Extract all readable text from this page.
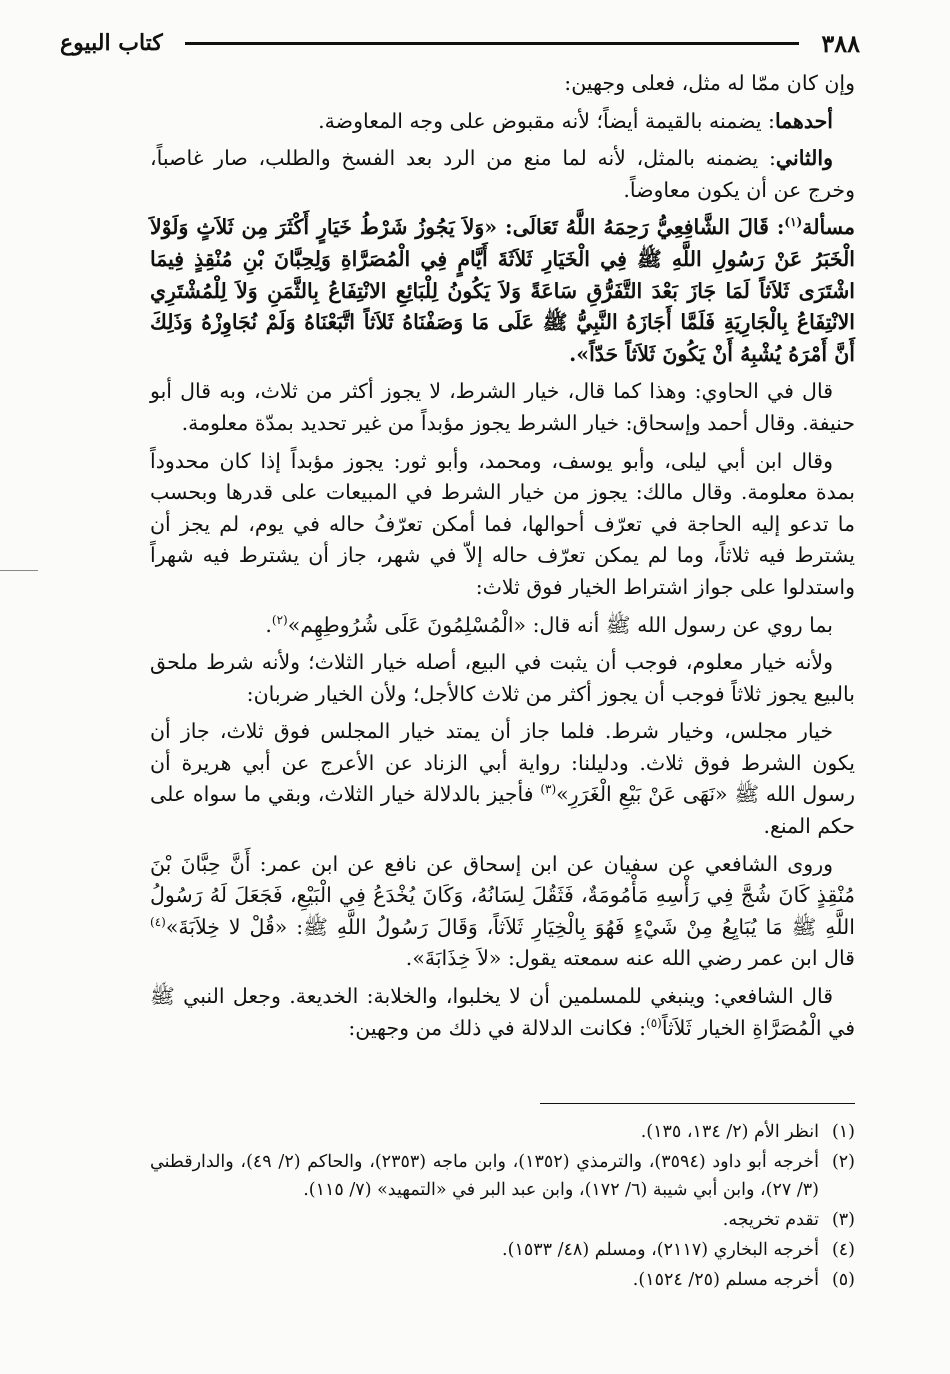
٣٨٨
كتاب البيوع

وإن كان ممّا له مثل، فعلى وجهين:

أحدهما: يضمنه بالقيمة أيضاً؛ لأنه مقبوض على وجه المعاوضة.

والثاني: يضمنه بالمثل، لأنه لما منع من الرد بعد الفسخ والطلب، صار غاصباً، وخرج عن أن يكون معاوضاً.

مسألة$^{(١)}$: قَالَ الشَّافِعِيُّ رَحِمَهُ اللَّهُ تَعَالَى: «وَلاَ يَجُوزُ شَرْطُ خَيَارٍ أَكْثَرَ مِن ثَلاَثٍ وَلَوْلاَ الْخَبَرُ عَنْ رَسُولِ اللَّهِ ﷺ فِي الْخَيَارِ ثَلاَثَةَ أَيَّامٍ فِي الْمُصَرَّاةِ وَلِحِبَّانَ بْنِ مُنْقِذٍ فِيمَا اشْتَرَى ثَلاَثاً لَمَا جَازَ بَعْدَ التَّفَرُّقِ سَاعَةً وَلاَ يَكُونُ لِلْبَائِعِ الانْتِفَاعُ بِالثَّمَنِ وَلاَ لِلْمُشْتَرِي الانْتِفَاعُ بِالْجَارِيَةِ فَلَمَّا أَجَازَهُ النَّبِيُّ ﷺ عَلَى مَا وَصَفْنَاهُ ثَلاَثاً اتَّبَعْنَاهُ وَلَمْ نُجَاوِزْهُ وَذَلِكَ أَنَّ أَمْرَهُ يُشْبِهُ أَنْ يَكُونَ ثَلاَثاً حَدّاً».

قال في الحاوي: وهذا كما قال، خيار الشرط، لا يجوز أكثر من ثلاث، وبه قال أبو حنيفة. وقال أحمد وإسحاق: خيار الشرط يجوز مؤبداً من غير تحديد بمدّة معلومة.

وقال ابن أبي ليلى، وأبو يوسف، ومحمد، وأبو ثور: يجوز مؤبداً إذا كان محدوداً بمدة معلومة. وقال مالك: يجوز من خيار الشرط في المبيعات على قدرها وبحسب ما تدعو إليه الحاجة في تعرّف أحوالها، فما أمكن تعرّفُ حاله في يوم، لم يجز أن يشترط فيه ثلاثاً، وما لم يمكن تعرّف حاله إلاّ في شهر، جاز أن يشترط فيه شهراً واستدلوا على جواز اشتراط الخيار فوق ثلاث:

بما روي عن رسول الله ﷺ أنه قال: «الْمُسْلِمُونَ عَلَى شُرُوطِهِم»$^{(٢)}$.

ولأنه خيار معلوم، فوجب أن يثبت في البيع، أصله خيار الثلاث؛ ولأنه شرط ملحق بالبيع يجوز ثلاثاً فوجب أن يجوز أكثر من ثلاث كالأجل؛ ولأن الخيار ضربان:

خيار مجلس، وخيار شرط. فلما جاز أن يمتد خيار المجلس فوق ثلاث، جاز أن يكون الشرط فوق ثلاث. ودليلنا: رواية أبي الزناد عن الأعرج عن أبي هريرة أن رسول الله ﷺ «نَهَى عَنْ بَيْعِ الْغَرَرِ»$^{(٣)}$ فأجيز بالدلالة خيار الثلاث، وبقي ما سواه على حكم المنع.

وروى الشافعي عن سفيان عن ابن إسحاق عن نافع عن ابن عمر: أَنَّ حِبَّانَ بْنَ مُنْقِذٍ كَانَ شُجَّ فِي رَأْسِهِ مَأْمُومَةٌ، فَثَقُلَ لِسَانُهُ، وَكَانَ يُخْدَعُ فِي الْبَيْعِ، فَجَعَلَ لَهُ رَسُولُ اللَّهِ ﷺ مَا يُبَايِعُ مِنْ شَيْءٍ فَهُوَ بِالْخِيَارِ ثَلاَثاً، وَقَالَ رَسُولُ اللَّهِ ﷺ: «قُلْ لا خِلاَبَةَ»$^{(٤)}$ قال ابن عمر رضي الله عنه سمعته يقول: «لاَ خِذَابَةَ».

قال الشافعي: وينبغي للمسلمين أن لا يخلبوا، والخلابة: الخديعة. وجعل النبي ﷺ في الْمُصَرَّاةِ الخيار ثَلاَثاً$^{(٥)}$: فكانت الدلالة في ذلك من وجهين:

(١)
انظر الأم (٢/ ١٣٤، ١٣٥).
(٢)
أخرجه أبو داود (٣٥٩٤)، والترمذي (١٣٥٢)، وابن ماجه (٢٣٥٣)، والحاكم (٢/ ٤٩)، والدارقطني (٣/ ٢٧)، وابن أبي شيبة (٦/ ١٧٢)، وابن عبد البر في «التمهيد» (٧/ ١١٥).
(٣)
تقدم تخريجه.
(٤)
أخرجه البخاري (٢١١٧)، ومسلم (٤٨/ ١٥٣٣).
(٥)
أخرجه مسلم (٢٥/ ١٥٢٤).
